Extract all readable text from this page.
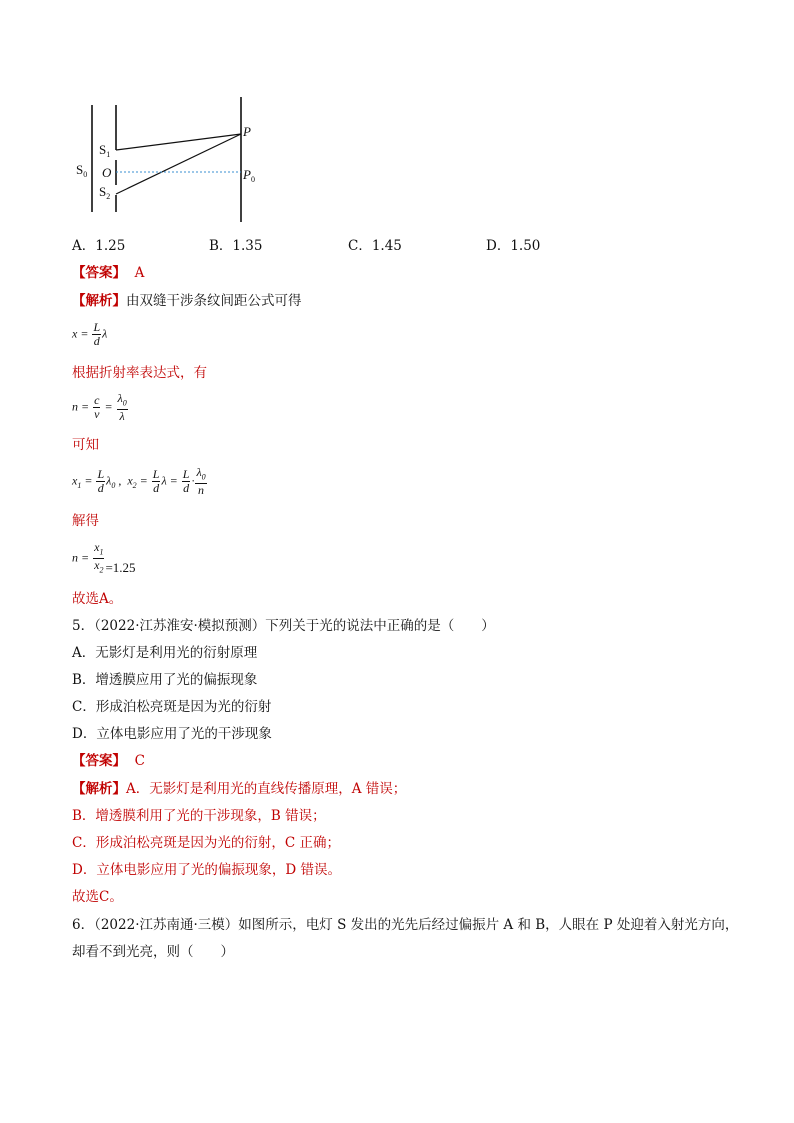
$S_0$
$S_1$
O
$S_2$
P
$P_0$
A．1.25	B．1.35	C．1.45	D．1.50
【答案】 A
【解析】由双缝干涉条纹间距公式可得
$x = \frac{L}{d}$ λ
根据折射率表达式，有
$n = \frac{c}{v} = \frac{\lambda_0}{\lambda}$
可知
$x_1 = \frac{L}{d} \lambda_0$ ,  $x_2 = \frac{L}{d}$ $\lambda = \frac{L}{d} \cdot \frac{\lambda_0}{n}$
解得
$n = \frac{x_1}{x_2} =1.25$
故选A。
5．（2022·江苏淮安·模拟预测）下列关于光的说法中正确的是（　　）
A．无影灯是利用光的衍射原理
B．增透膜应用了光的偏振现象
C．形成泊松亮斑是因为光的衍射
D．立体电影应用了光的干涉现象
【答案】 C
【解析】A．无影灯是利用光的直线传播原理，A 错误；
B．增透膜利用了光的干涉现象，B 错误；
C．形成泊松亮斑是因为光的衍射，C 正确；
D．立体电影应用了光的偏振现象，D 错误。
故选C。
6．（2022·江苏南通·三模）如图所示，电灯 S 发出的光先后经过偏振片 A 和 B，人眼在 P 处迎着入射光方向，
却看不到光亮，则（　　）
